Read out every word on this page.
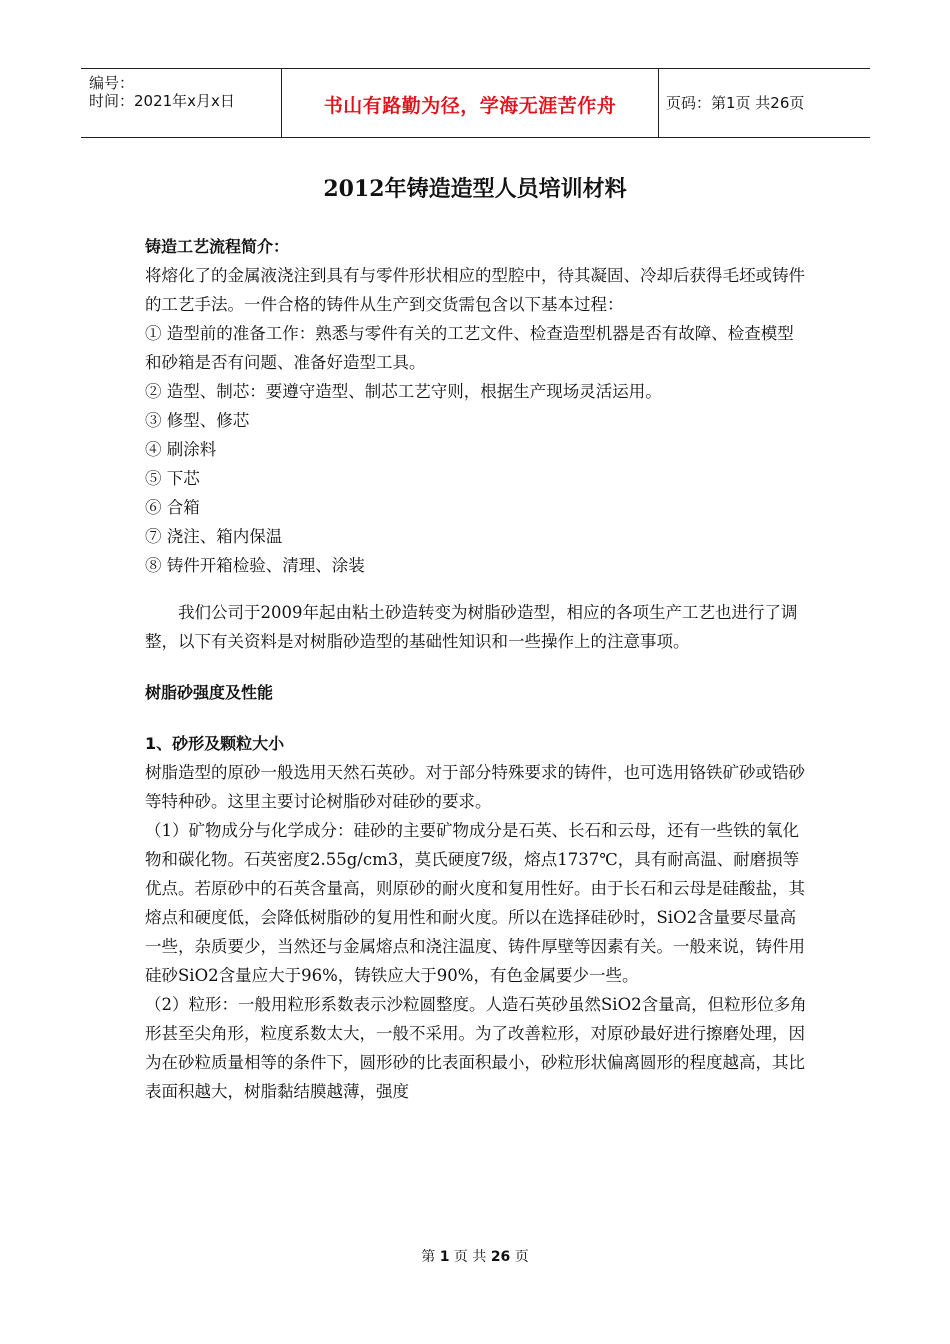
编号：
时间：2021年x月x日	书山有路勤为径，学海无涯苦作舟	页码：第1页 共26页
2012年铸造造型人员培训材料

铸造工艺流程简介：

将熔化了的金属液浇注到具有与零件形状相应的型腔中，待其凝固、冷却后获得毛坯或铸件的工艺手法。一件合格的铸件从生产到交货需包含以下基本过程：

① 造型前的准备工作：熟悉与零件有关的工艺文件、检查造型机器是否有故障、检查模型和砂箱是否有问题、准备好造型工具。

② 造型、制芯：要遵守造型、制芯工艺守则，根据生产现场灵活运用。

③ 修型、修芯

④ 刷涂料

⑤ 下芯

⑥ 合箱

⑦ 浇注、箱内保温

⑧ 铸件开箱检验、清理、涂装

我们公司于2009年起由粘土砂造转变为树脂砂造型，相应的各项生产工艺也进行了调整，以下有关资料是对树脂砂造型的基础性知识和一些操作上的注意事项。

树脂砂强度及性能

1、砂形及颗粒大小

树脂造型的原砂一般选用天然石英砂。对于部分特殊要求的铸件，也可选用铬铁矿砂或锆砂等特种砂。这里主要讨论树脂砂对硅砂的要求。

（1）矿物成分与化学成分：硅砂的主要矿物成分是石英、长石和云母，还有一些铁的氧化物和碳化物。石英密度2.55g/cm3，莫氏硬度7级，熔点1737℃，具有耐高温、耐磨损等优点。若原砂中的石英含量高，则原砂的耐火度和复用性好。由于长石和云母是硅酸盐，其熔点和硬度低，会降低树脂砂的复用性和耐火度。所以在选择硅砂时，SiO2含量要尽量高一些，杂质要少，当然还与金属熔点和浇注温度、铸件厚壁等因素有关。一般来说，铸件用硅砂SiO2含量应大于96%，铸铁应大于90%，有色金属要少一些。

（2）粒形：一般用粒形系数表示沙粒圆整度。人造石英砂虽然SiO2含量高，但粒形位多角形甚至尖角形，粒度系数太大，一般不采用。为了改善粒形，对原砂最好进行擦磨处理，因为在砂粒质量相等的条件下，圆形砂的比表面积最小，砂粒形状偏离圆形的程度越高，其比表面积越大，树脂黏结膜越薄，强度

第 1 页 共 26 页
